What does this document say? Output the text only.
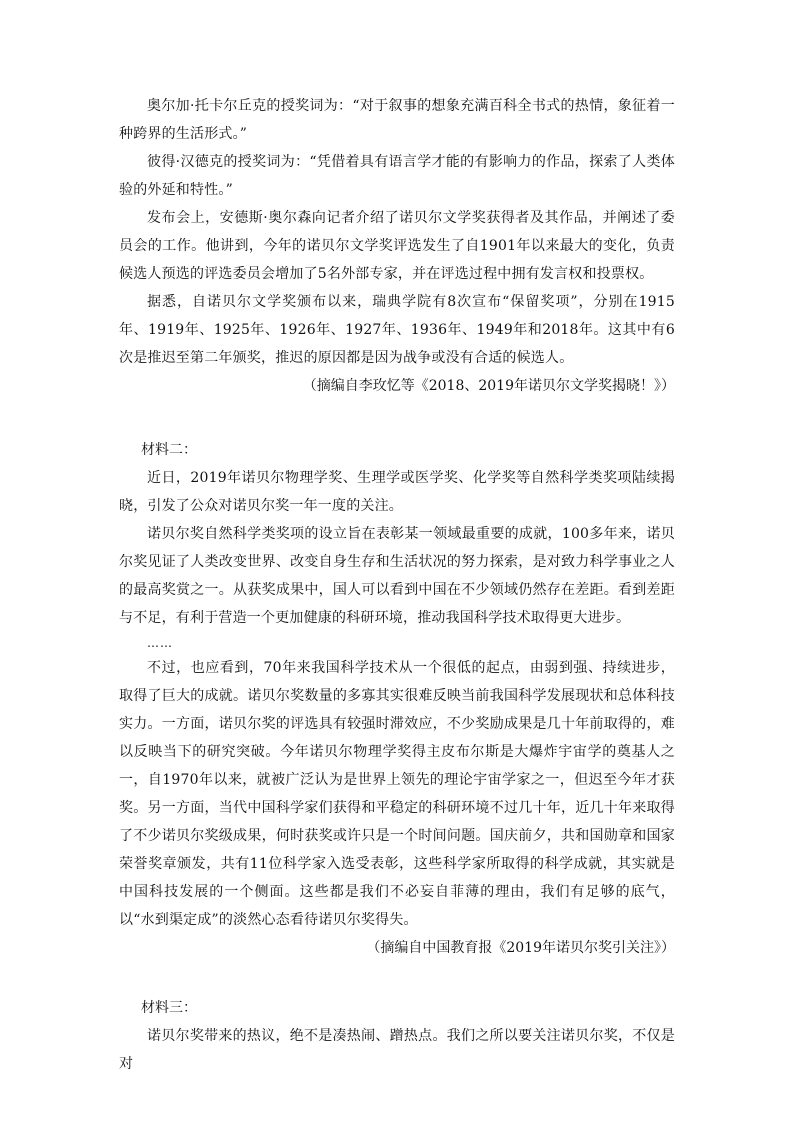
奥尔加·托卡尔丘克的授奖词为：“对于叙事的想象充满百科全书式的热情，象征着一种跨界的生活形式。”

彼得·汉德克的授奖词为：“凭借着具有语言学才能的有影响力的作品，探索了人类体验的外延和特性。”

发布会上，安德斯·奥尔森向记者介绍了诺贝尔文学奖获得者及其作品，并阐述了委员会的工作。他讲到，今年的诺贝尔文学奖评选发生了自1901年以来最大的变化，负责候选人预选的评选委员会增加了5名外部专家，并在评选过程中拥有发言权和投票权。

据悉，自诺贝尔文学奖颁布以来，瑞典学院有8次宣布“保留奖项”，分别在1915年、1919年、1925年、1926年、1927年、1936年、1949年和2018年。这其中有6次是推迟至第二年颁奖，推迟的原因都是因为战争或没有合适的候选人。

（摘编自李玫忆等《2018、2019年诺贝尔文学奖揭晓！》）

材料二：

近日，2019年诺贝尔物理学奖、生理学或医学奖、化学奖等自然科学类奖项陆续揭晓，引发了公众对诺贝尔奖一年一度的关注。

诺贝尔奖自然科学类奖项的设立旨在表彰某一领域最重要的成就，100多年来，诺贝尔奖见证了人类改变世界、改变自身生存和生活状况的努力探索，是对致力科学事业之人的最高奖赏之一。从获奖成果中，国人可以看到中国在不少领域仍然存在差距。看到差距与不足，有利于营造一个更加健康的科研环境，推动我国科学技术取得更大进步。

……

不过，也应看到，70年来我国科学技术从一个很低的起点，由弱到强、持续进步，取得了巨大的成就。诺贝尔奖数量的多寡其实很难反映当前我国科学发展现状和总体科技实力。一方面，诺贝尔奖的评选具有较强时滞效应，不少奖励成果是几十年前取得的，难以反映当下的研究突破。今年诺贝尔物理学奖得主皮布尔斯是大爆炸宇宙学的奠基人之一，自1970年以来，就被广泛认为是世界上领先的理论宇宙学家之一，但迟至今年才获奖。另一方面，当代中国科学家们获得和平稳定的科研环境不过几十年，近几十年来取得了不少诺贝尔奖级成果，何时获奖或许只是一个时间问题。国庆前夕，共和国勋章和国家荣誉奖章颁发，共有11位科学家入选受表彰，这些科学家所取得的科学成就，其实就是中国科技发展的一个侧面。这些都是我们不必妄自菲薄的理由，我们有足够的底气，以“水到渠定成”的淡然心态看待诺贝尔奖得失。

（摘编自中国教育报《2019年诺贝尔奖引关注》）

材料三：

诺贝尔奖带来的热议，绝不是凑热闹、蹭热点。我们之所以要关注诺贝尔奖，不仅是对
